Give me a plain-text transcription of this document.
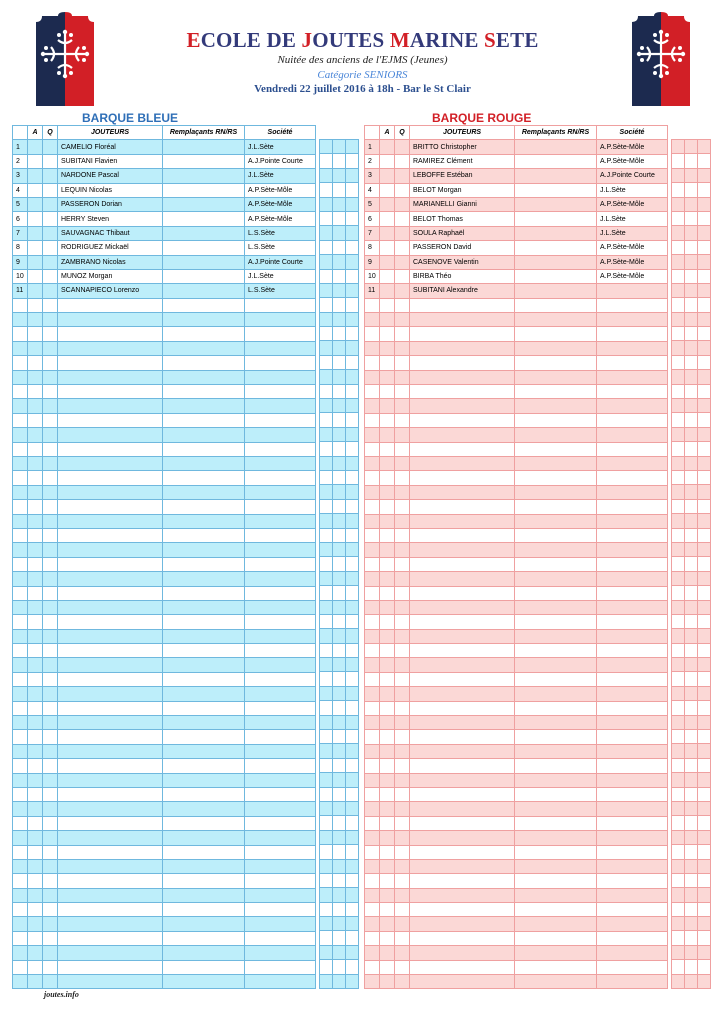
ECOLE DE JOUTES MARINE SETE
Nuitée des anciens de l'EJMS (Jeunes)
Catégorie SENIORS
Vendredi 22 juillet 2016 à 18h - Bar le St Clair
BARQUE BLEUE	BARQUE ROUGE
	A	Q	JOUTEURS	Remplaçants RN/RS	Société
1			CAMELIO Floréal		J.L.Sète
2			SUBITANI Flavien		A.J.Pointe Courte
3			NARDONE Pascal		J.L.Sète
4			LEQUIN Nicolas		A.P.Sète-Môle
5			PASSERON Dorian		A.P.Sète-Môle
6			HERRY Steven		A.P.Sète-Môle
7			SAUVAGNAC Thibaut		L.S.Sète
8			RODRIGUEZ Mickaël		L.S.Sète
9			ZAMBRANO Nicolas		A.J.Pointe Courte
10			MUNOZ Morgan		J.L.Sète
11			SCANNAPIECO Lorenzo		L.S.Sète

	A	Q	JOUTEURS	Remplaçants RN/RS	Société
1			BRITTO Christopher		A.P.Sète-Môle
2			RAMIREZ Clément		A.P.Sète-Môle
3			LEBOFFE Estéban		A.J.Pointe Courte
4			BELOT Morgan		J.L.Sète
5			MARIANELLI Gianni		A.P.Sète-Môle
6			BELOT Thomas		J.L.Sète
7			SOULA Raphaël		J.L.Sète
8			PASSERON David		A.P.Sète-Môle
9			CASENOVE Valentin		A.P.Sète-Môle
10			BIRBA Théo		A.P.Sète-Môle
11			SUBITANI Alexandre		

joutes.info
